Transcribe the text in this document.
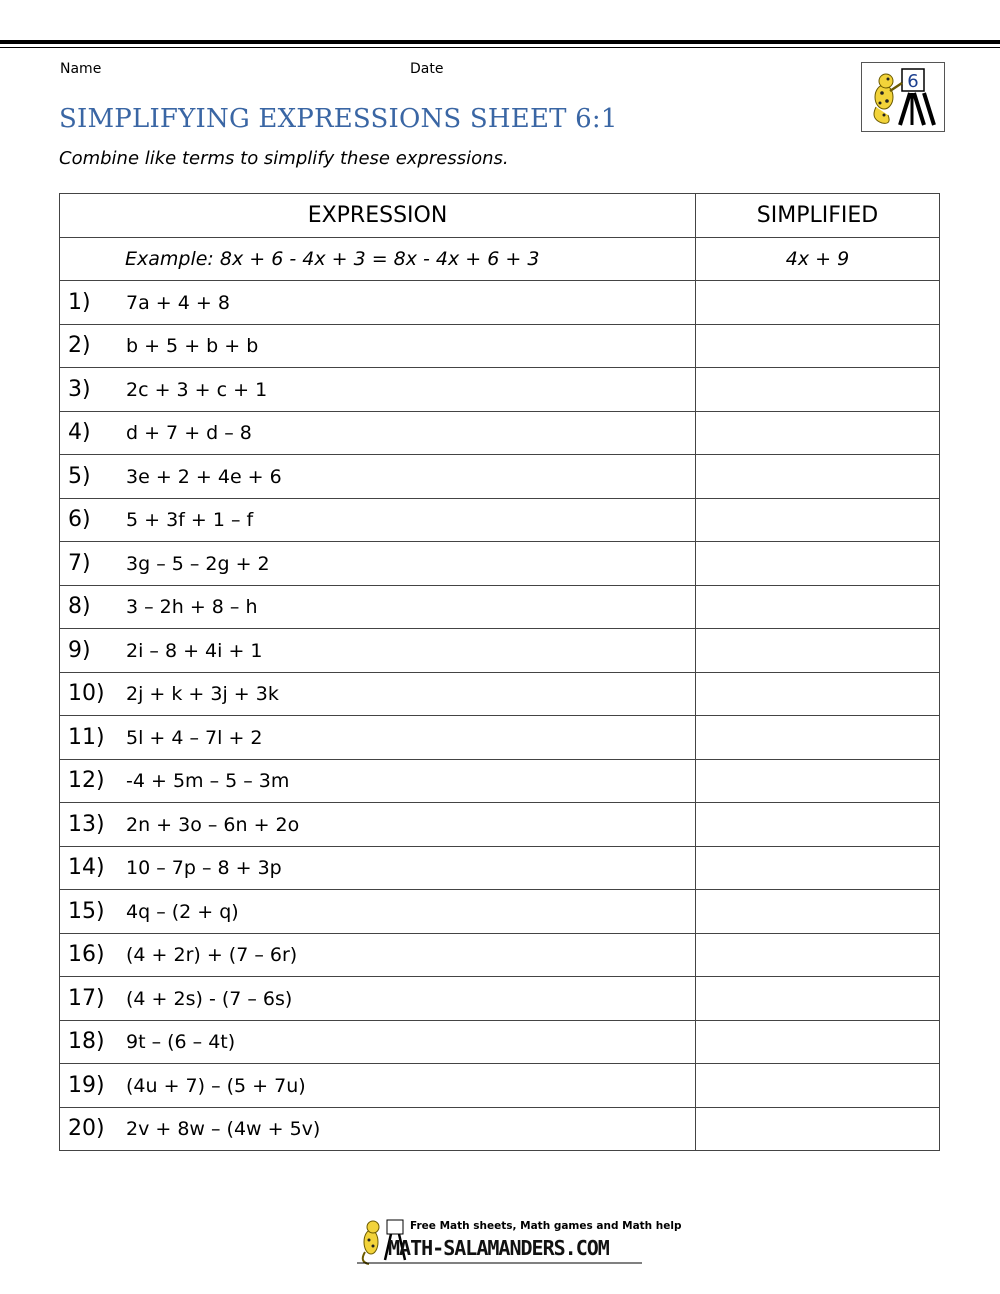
Name	Date
6
SIMPLIFYING EXPRESSIONS SHEET 6:1
Combine like terms to simplify these expressions.
EXPRESSION	SIMPLIFIED
Example: 8x + 6 - 4x + 3 = 8x - 4x + 6 + 3	4x + 9
1) 7a + 4 + 8	
2) b + 5 + b + b	
3) 2c + 3 + c + 1	
4) d + 7 + d – 8	
5) 3e + 2 + 4e + 6	
6) 5 + 3f + 1 – f	
7) 3g – 5 – 2g + 2	
8) 3 – 2h + 8 – h	
9) 2i – 8 + 4i + 1	
10) 2j + k + 3j + 3k	
11) 5l + 4 – 7l + 2	
12) -4 + 5m – 5 – 3m	
13) 2n + 3o – 6n + 2o	
14) 10 – 7p – 8 + 3p	
15) 4q – (2 + q)	
16) (4 + 2r) + (7 – 6r)	
17) (4 + 2s) - (7 – 6s)	
18) 9t – (6 – 4t)	
19) (4u + 7) – (5 + 7u)	
20) 2v + 8w – (4w + 5v)	
Free Math sheets, Math games and Math help
MATH-SALAMANDERS.COM
